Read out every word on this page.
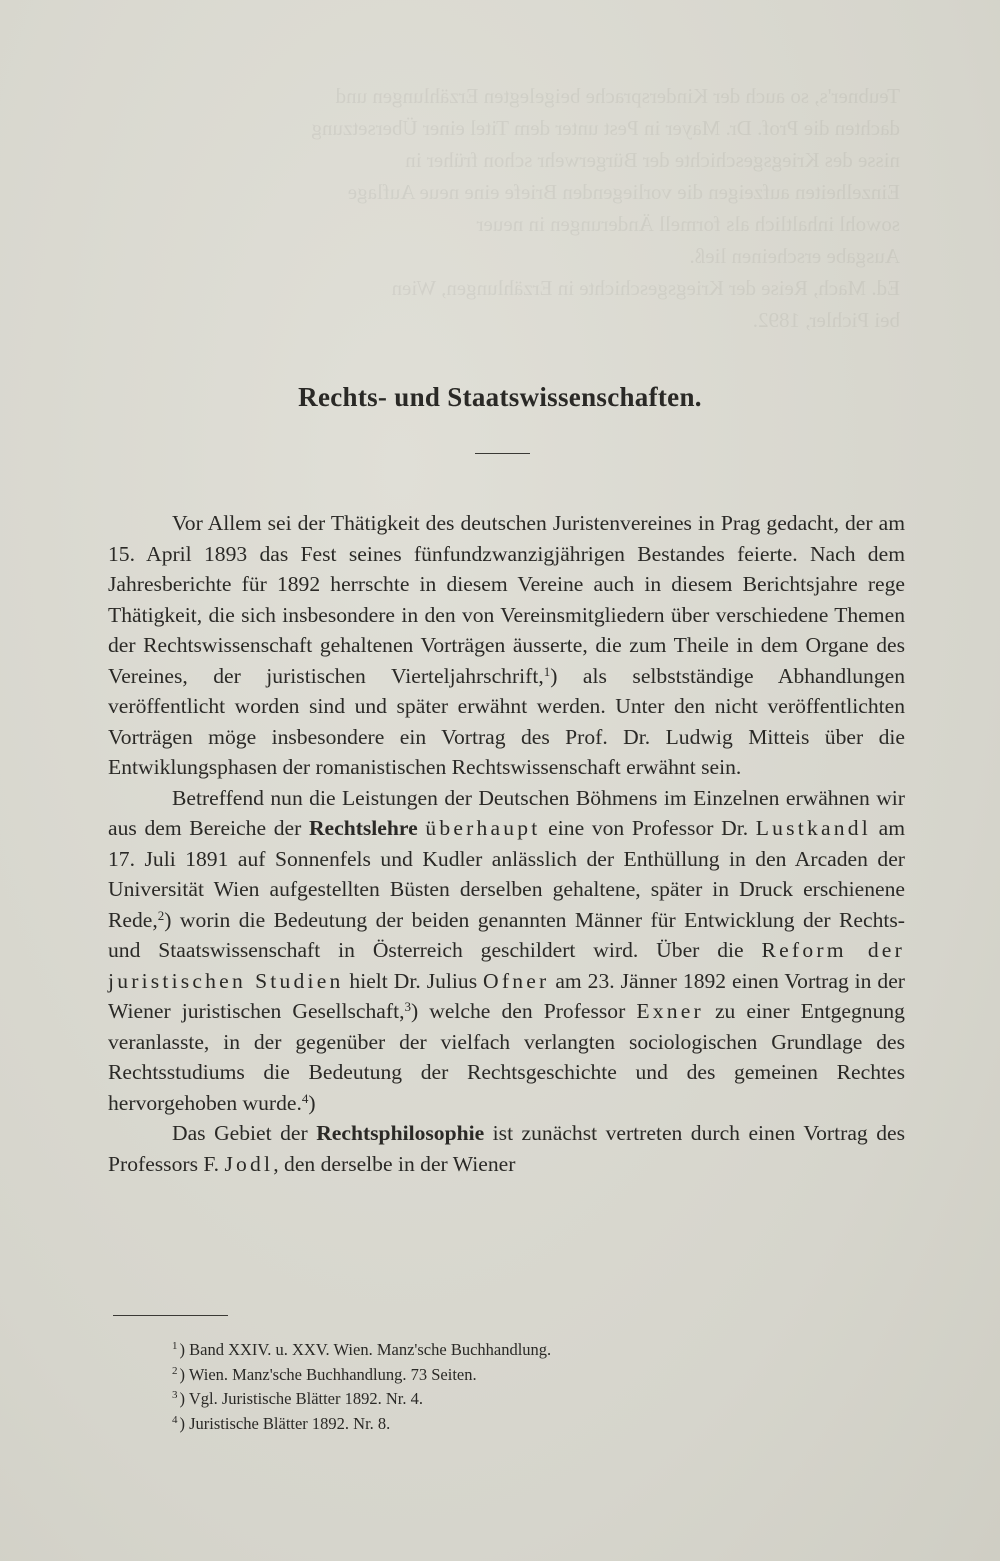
Teubner's, so auch der Kindersprache beigelegten Erzählungen und
dachten die Prof. Dr. Mayer in Pest unter dem Titel einer Übersetzung
nisse des Kriegsgeschichte der Bürgerwehr schon früher in
Einzelheiten aufzeigen die vorliegenden Briefe eine neue Auflage
sowohl inhaltlich als formell Änderungen in neuer
Ausgabe erscheinen ließ.
Ed. Mach, Reise der Kriegsgeschichte in Erzählungen, Wien
bei Pichler, 1892.
Rechts- und Staatswissenschaften.

Vor Allem sei der Thätigkeit des deutschen Juristenvereines in Prag gedacht, der am 15. April 1893 das Fest seines fünfundzwanzigjährigen Bestandes feierte. Nach dem Jahresberichte für 1892 herrschte in diesem Vereine auch in diesem Berichtsjahre rege Thätigkeit, die sich insbesondere in den von Vereinsmitgliedern über verschiedene Themen der Rechtswissenschaft gehaltenen Vorträgen äusserte, die zum Theile in dem Organe des Vereines, der juristischen Vierteljahrschrift,$^1$) als selbstständige Abhandlungen veröffentlicht worden sind und später erwähnt werden. Unter den nicht veröffentlichten Vorträgen möge insbesondere ein Vortrag des Prof. Dr. Ludwig Mitteis über die Entwiklungsphasen der romanistischen Rechtswissenschaft erwähnt sein.

Betreffend nun die Leistungen der Deutschen Böhmens im Einzelnen erwähnen wir aus dem Bereiche der Rechtslehre überhaupt eine von Professor Dr. Lustkandl am 17. Juli 1891 auf Sonnenfels und Kudler anlässlich der Enthüllung in den Arcaden der Universität Wien aufgestellten Büsten derselben gehaltene, später in Druck erschienene Rede,$^2$) worin die Bedeutung der beiden genannten Männer für Entwicklung der Rechts- und Staatswissenschaft in Österreich geschildert wird. Über die Reform der juristischen Studien hielt Dr. Julius Ofner am 23. Jänner 1892 einen Vortrag in der Wiener juristischen Gesellschaft,$^3$) welche den Professor Exner zu einer Entgegnung veranlasste, in der gegenüber der vielfach verlangten sociologischen Grundlage des Rechtsstudiums die Bedeutung der Rechtsgeschichte und des gemeinen Rechtes hervorgehoben wurde.$^4$)

Das Gebiet der Rechtsphilosophie ist zunächst vertreten durch einen Vortrag des Professors F. Jodl, den derselbe in der Wiener

$^1$ ) Band XXIV. u. XXV. Wien. Manz'sche Buchhandlung.
$^2$ ) Wien. Manz'sche Buchhandlung. 73 Seiten.
$^3$ ) Vgl. Juristische Blätter 1892. Nr. 4.
$^4$ ) Juristische Blätter 1892. Nr. 8.
